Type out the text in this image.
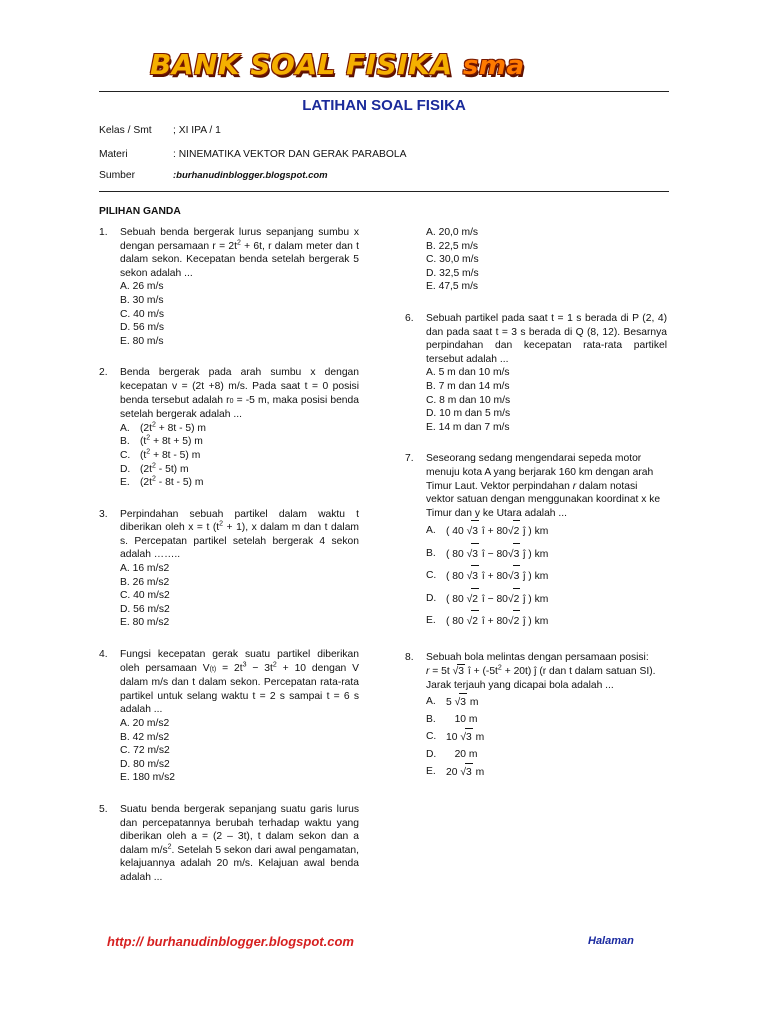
BANK SOAL FISIKA sma
LATIHAN SOAL FISIKA
Kelas / Smt	; XI IPA / 1
Materi	: NINEMATIKA VEKTOR DAN GERAK PARABOLA
Sumber	:burhanudinblogger.blogspot.com
PILIHAN GANDA
1. Sebuah benda bergerak lurus sepanjang sumbu x dengan persamaan $r = 2t^2 + 6t$, r dalam meter dan t dalam sekon. Kecepatan benda setelah bergerak 5 sekon adalah ...
A. 26 m/s
B. 30 m/s
C. 40 m/s
D. 56 m/s
E. 80 m/s
2. Benda bergerak pada arah sumbu x dengan kecepatan v = (2t +8) m/s. Pada saat t = 0 posisi benda tersebut adalah r0 = -5 m, maka posisi benda setelah bergerak adalah ...
A. $(2t^2 + 8t - 5)$ m
B. $(t^2 + 8t + 5)$ m
C. $(t^2 + 8t - 5)$ m
D. $(2t^2 - 5t)$ m
E. $(2t^2 - 8t - 5)$ m
3. Perpindahan sebuah partikel dalam waktu t diberikan oleh x = t $(t^2 + 1)$, x dalam m dan t dalam s. Percepatan partikel setelah bergerak 4 sekon adalah ……..
A. 16 m/s2
B. 26 m/s2
C. 40 m/s2
D. 56 m/s2
E. 80 m/s2
4. Fungsi kecepatan gerak suatu partikel diberikan oleh persamaan $V(t) = 2t^3 - 3t^2 + 10$ dengan V dalam m/s dan t dalam sekon. Percepatan rata-rata partikel untuk selang waktu t = 2 s sampai t = 6 s adalah ...
A. 20 m/s2
B. 42 m/s2
C. 72 m/s2
D. 80 m/s2
E. 180 m/s2
5. Suatu benda bergerak sepanjang suatu garis lurus dan percepatannya berubah terhadap waktu yang diberikan oleh a = (2 – 3t), t dalam sekon dan a dalam $m/s^2$. Setelah 5 sekon dari awal pengamatan, kelajuannya adalah 20 m/s. Kelajuan awal benda adalah ...
A. 20,0 m/s
B. 22,5 m/s
C. 30,0 m/s
D. 32,5 m/s
E. 47,5 m/s
6. Sebuah partikel pada saat t = 1 s berada di P (2, 4) dan pada saat t = 3 s berada di Q (8, 12). Besarnya perpindahan dan kecepatan rata-rata partikel tersebut adalah ...
A. 5 m dan 10 m/s
B. 7 m dan 14 m/s
C. 8 m dan 10 m/s
D. 10 m dan 5 m/s
E. 14 m dan 7 m/s
7. Seseorang sedang mengendarai sepeda motor menuju kota A yang berjarak 160 km dengan arah Timur Laut. Vektor perpindahan r dalam notasi vektor satuan dengan menggunakan koordinat x ke Timur dan y ke Utara adalah ...
A. ( 40 √3 î + 80√2 ĵ ) km
B. ( 80 √3 î − 80√3 ĵ ) km
C. ( 80 √3 î + 80√3 ĵ ) km
D. ( 80 √2 î − 80√2 ĵ ) km
E. ( 80 √2 î + 80√2 ĵ ) km
8. Sebuah bola melintas dengan persamaan posisi:
r = 5t √3 î + $(-5t^2 + 20t)$ ĵ (r dan t dalam satuan SI). Jarak terjauh yang dicapai bola adalah ...
A. 5 √3 m
B. 10 m
C. 10 √3 m
D. 20 m
E. 20 √3 m
http:// burhanudinblogger.blogspot.com	Halaman
